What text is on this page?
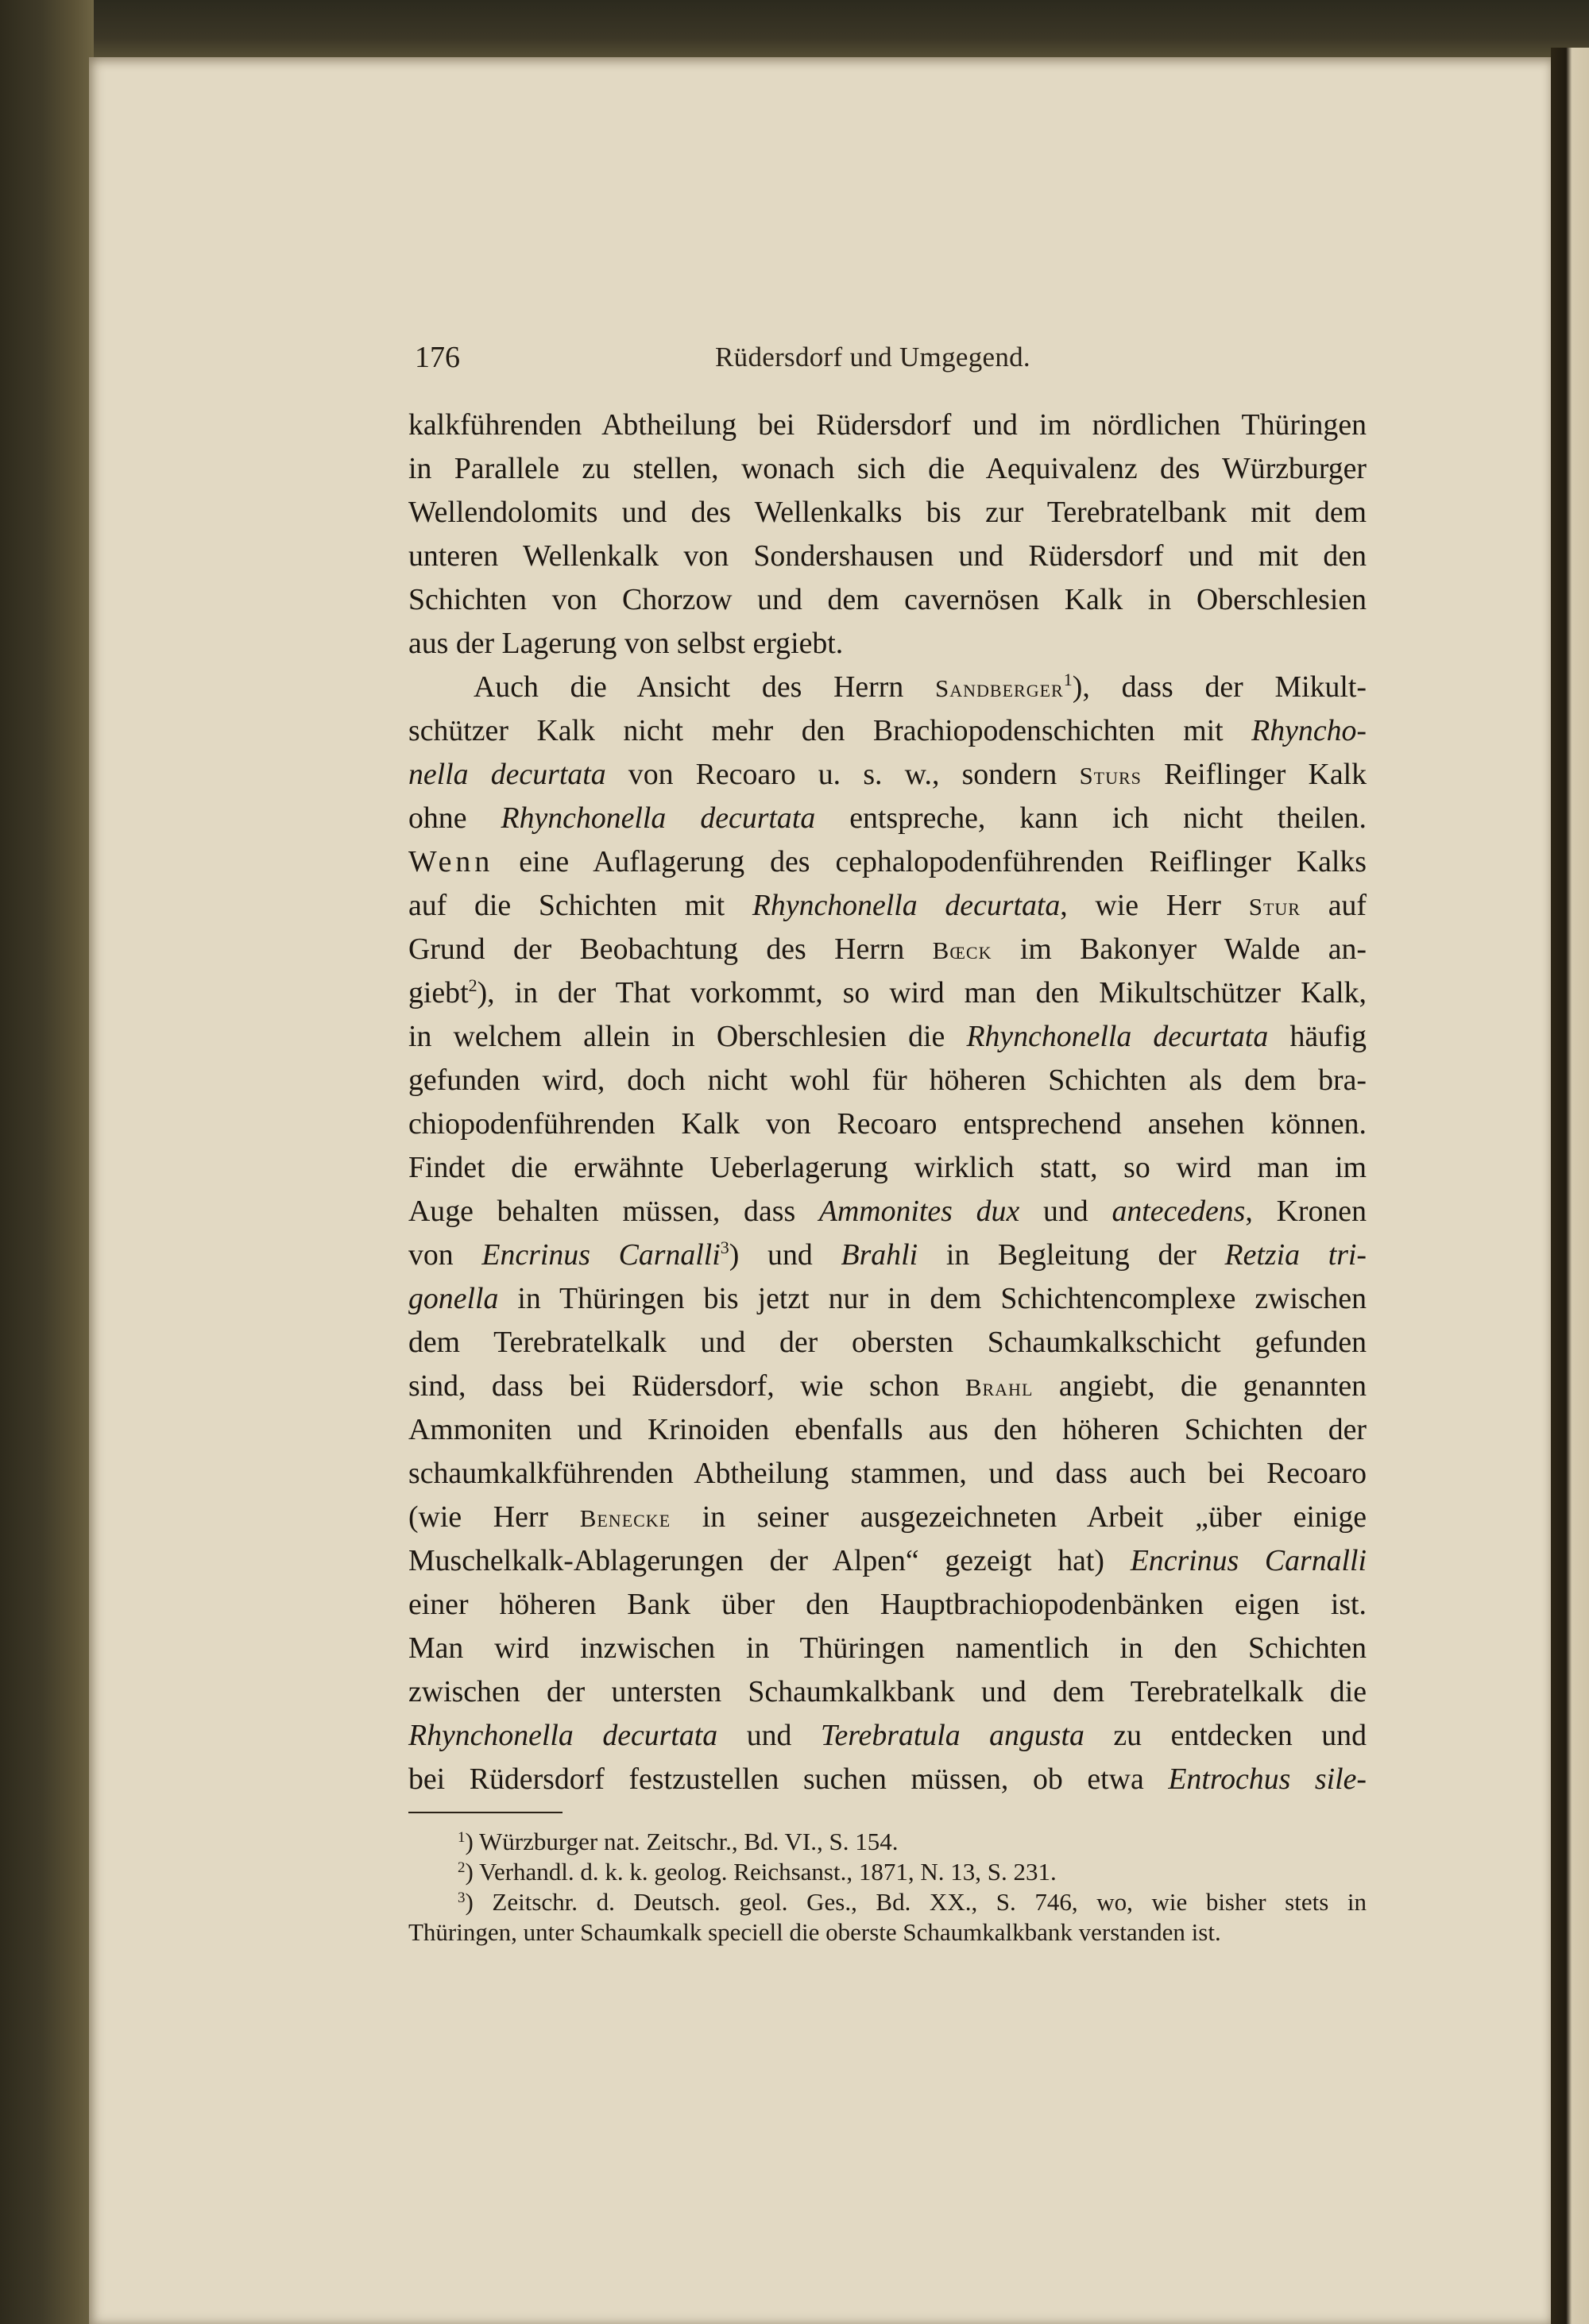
176	Rüdersdorf und Umgegend.
kalkführenden Abtheilung bei Rüdersdorf und im nördlichen Thüringen
in Parallele zu stellen, wonach sich die Aequivalenz des Würzburger
Wellendolomits und des Wellenkalks bis zur Terebratelbank mit dem
unteren Wellenkalk von Sondershausen und Rüdersdorf und mit den
Schichten von Chorzow und dem cavernösen Kalk in Oberschlesien
aus der Lagerung von selbst ergiebt.
Auch die Ansicht des Herrn Sandberger$^1$), dass der Mikult-
schützer Kalk nicht mehr den Brachiopodenschichten mit Rhyncho-
nella decurtata von Recoaro u. s. w., sondern Sturs Reiflinger Kalk
ohne Rhynchonella decurtata entspreche, kann ich nicht theilen.
Wenn eine Auflagerung des cephalopodenführenden Reiflinger Kalks
auf die Schichten mit Rhynchonella decurtata, wie Herr Stur auf
Grund der Beobachtung des Herrn Bœck im Bakonyer Walde an-
giebt$^2$), in der That vorkommt, so wird man den Mikultschützer Kalk,
in welchem allein in Oberschlesien die Rhynchonella decurtata häufig
gefunden wird, doch nicht wohl für höheren Schichten als dem bra-
chiopodenführenden Kalk von Recoaro entsprechend ansehen können.
Findet die erwähnte Ueberlagerung wirklich statt, so wird man im
Auge behalten müssen, dass Ammonites dux und antecedens, Kronen
von Encrinus Carnalli$^3$) und Brahli in Begleitung der Retzia tri-
gonella in Thüringen bis jetzt nur in dem Schichtencomplexe zwischen
dem Terebratelkalk und der obersten Schaumkalkschicht gefunden
sind, dass bei Rüdersdorf, wie schon Brahl angiebt, die genannten
Ammoniten und Krinoiden ebenfalls aus den höheren Schichten der
schaumkalkführenden Abtheilung stammen, und dass auch bei Recoaro
(wie Herr Benecke in seiner ausgezeichneten Arbeit „über einige
Muschelkalk-Ablagerungen der Alpen“ gezeigt hat) Encrinus Carnalli
einer höheren Bank über den Hauptbrachiopodenbänken eigen ist.
Man wird inzwischen in Thüringen namentlich in den Schichten
zwischen der untersten Schaumkalkbank und dem Terebratelkalk die
Rhynchonella decurtata und Terebratula angusta zu entdecken und
bei Rüdersdorf festzustellen suchen müssen, ob etwa Entrochus sile-
$^1$) Würzburger nat. Zeitschr., Bd. VI., S. 154.
$^2$) Verhandl. d. k. k. geolog. Reichsanst., 1871, N. 13, S. 231.
$^3$) Zeitschr. d. Deutsch. geol. Ges., Bd. XX., S. 746, wo, wie bisher stets in
Thüringen, unter Schaumkalk speciell die oberste Schaumkalkbank verstanden ist.
